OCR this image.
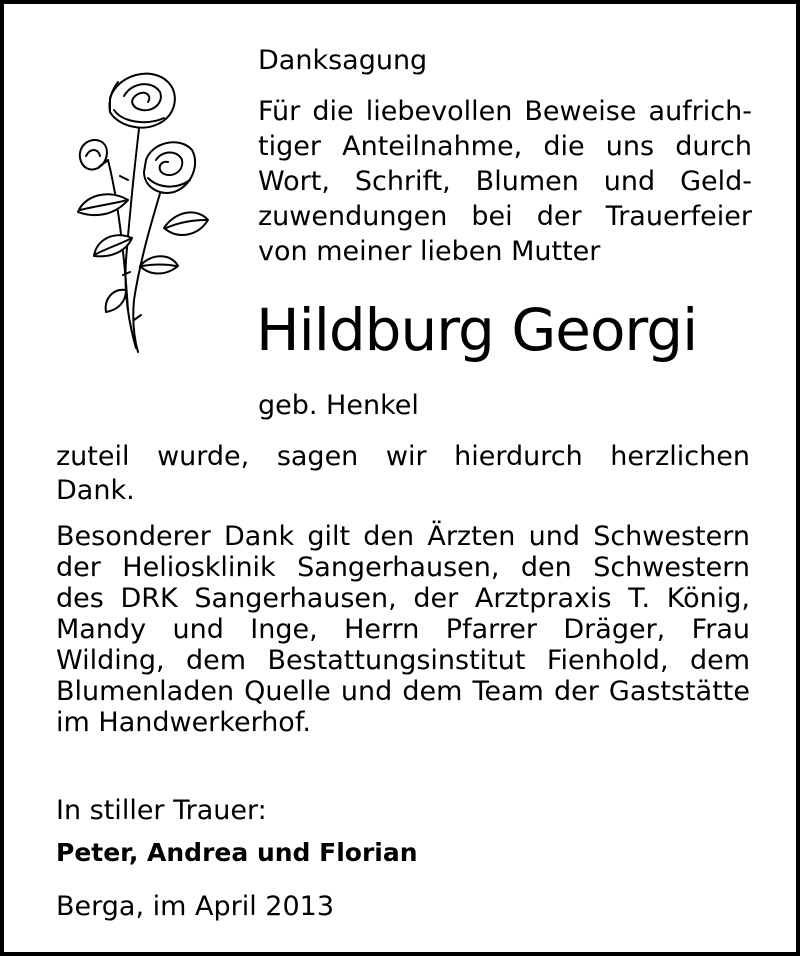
Danksagung
Für die liebevollen Beweise aufrich-
tiger Anteilnahme, die uns durch
Wort, Schrift, Blumen und Geld-
zuwendungen bei der Trauerfeier
von meiner lieben Mutter
Hildburg Georgi
geb. Henkel
zuteil wurde, sagen wir hierdurch herzlichen
Dank.
Besonderer Dank gilt den Ärzten und Schwestern
der Heliosklinik Sangerhausen, den Schwestern
des DRK Sangerhausen, der Arztpraxis T. König,
Mandy und Inge, Herrn Pfarrer Dräger, Frau
Wilding, dem Bestattungsinstitut Fienhold, dem
Blumenladen Quelle und dem Team der Gaststätte
im Handwerkerhof.
In stiller Trauer:
Peter, Andrea und Florian
Berga, im April 2013
